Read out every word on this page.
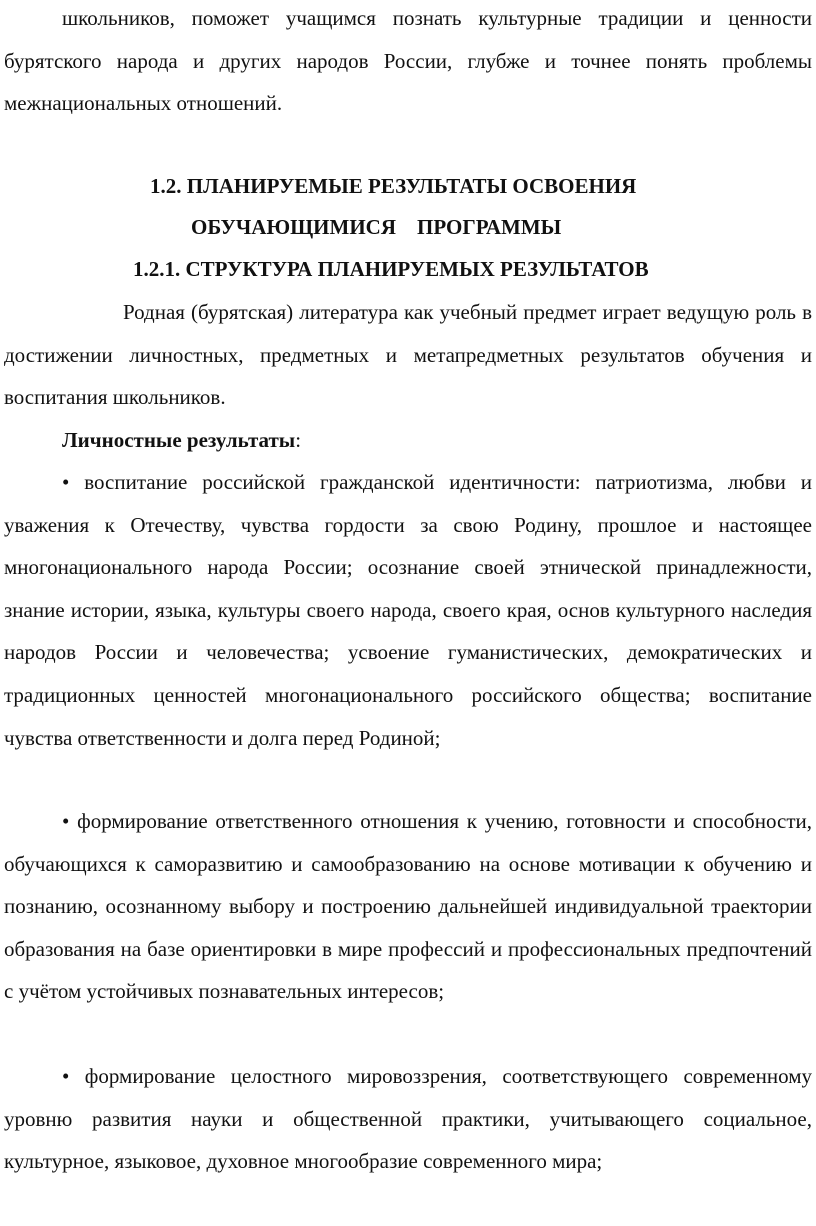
школьников, поможет учащимся познать культурные традиции и ценности бурятского народа и других народов России, глубже и точнее понять проблемы межнациональных отношений.

1.2. ПЛАНИРУЕМЫЕ РЕЗУЛЬТАТЫ ОСВОЕНИЯ
ОБУЧАЮЩИМИСЯ    ПРОГРАММЫ
1.2.1. СТРУКТУРА ПЛАНИРУЕМЫХ РЕЗУЛЬТАТОВ

Родная (бурятская) литература как учебный предмет играет ведущую роль в достижении личностных, предметных и метапредметных результатов обучения и воспитания школьников.

Личностные результаты:

• воспитание российской гражданской идентичности: патриотизма, любви и уважения к Отечеству, чувства гордости за свою Родину, прошлое и настоящее многонационального народа России; осознание своей этнической принадлежности, знание истории, языка, культуры своего народа, своего края, основ культурного наследия народов России и человечества; усвоение гуманистических, демократических и традиционных ценностей многонационального российского общества; воспитание чувства ответственности и долга перед Родиной;

• формирование ответственного отношения к учению, готовности и способности, обучающихся к саморазвитию и самообразованию на основе мотивации к обучению и познанию, осознанному выбору и построению дальнейшей индивидуальной траектории образования на базе ориентировки в мире профессий и профессиональных предпочтений с учётом устойчивых познавательных интересов;

• формирование целостного мировоззрения, соответствующего современному уровню развития науки и общественной практики, учитывающего социальное, культурное, языковое, духовное многообразие современного мира;
